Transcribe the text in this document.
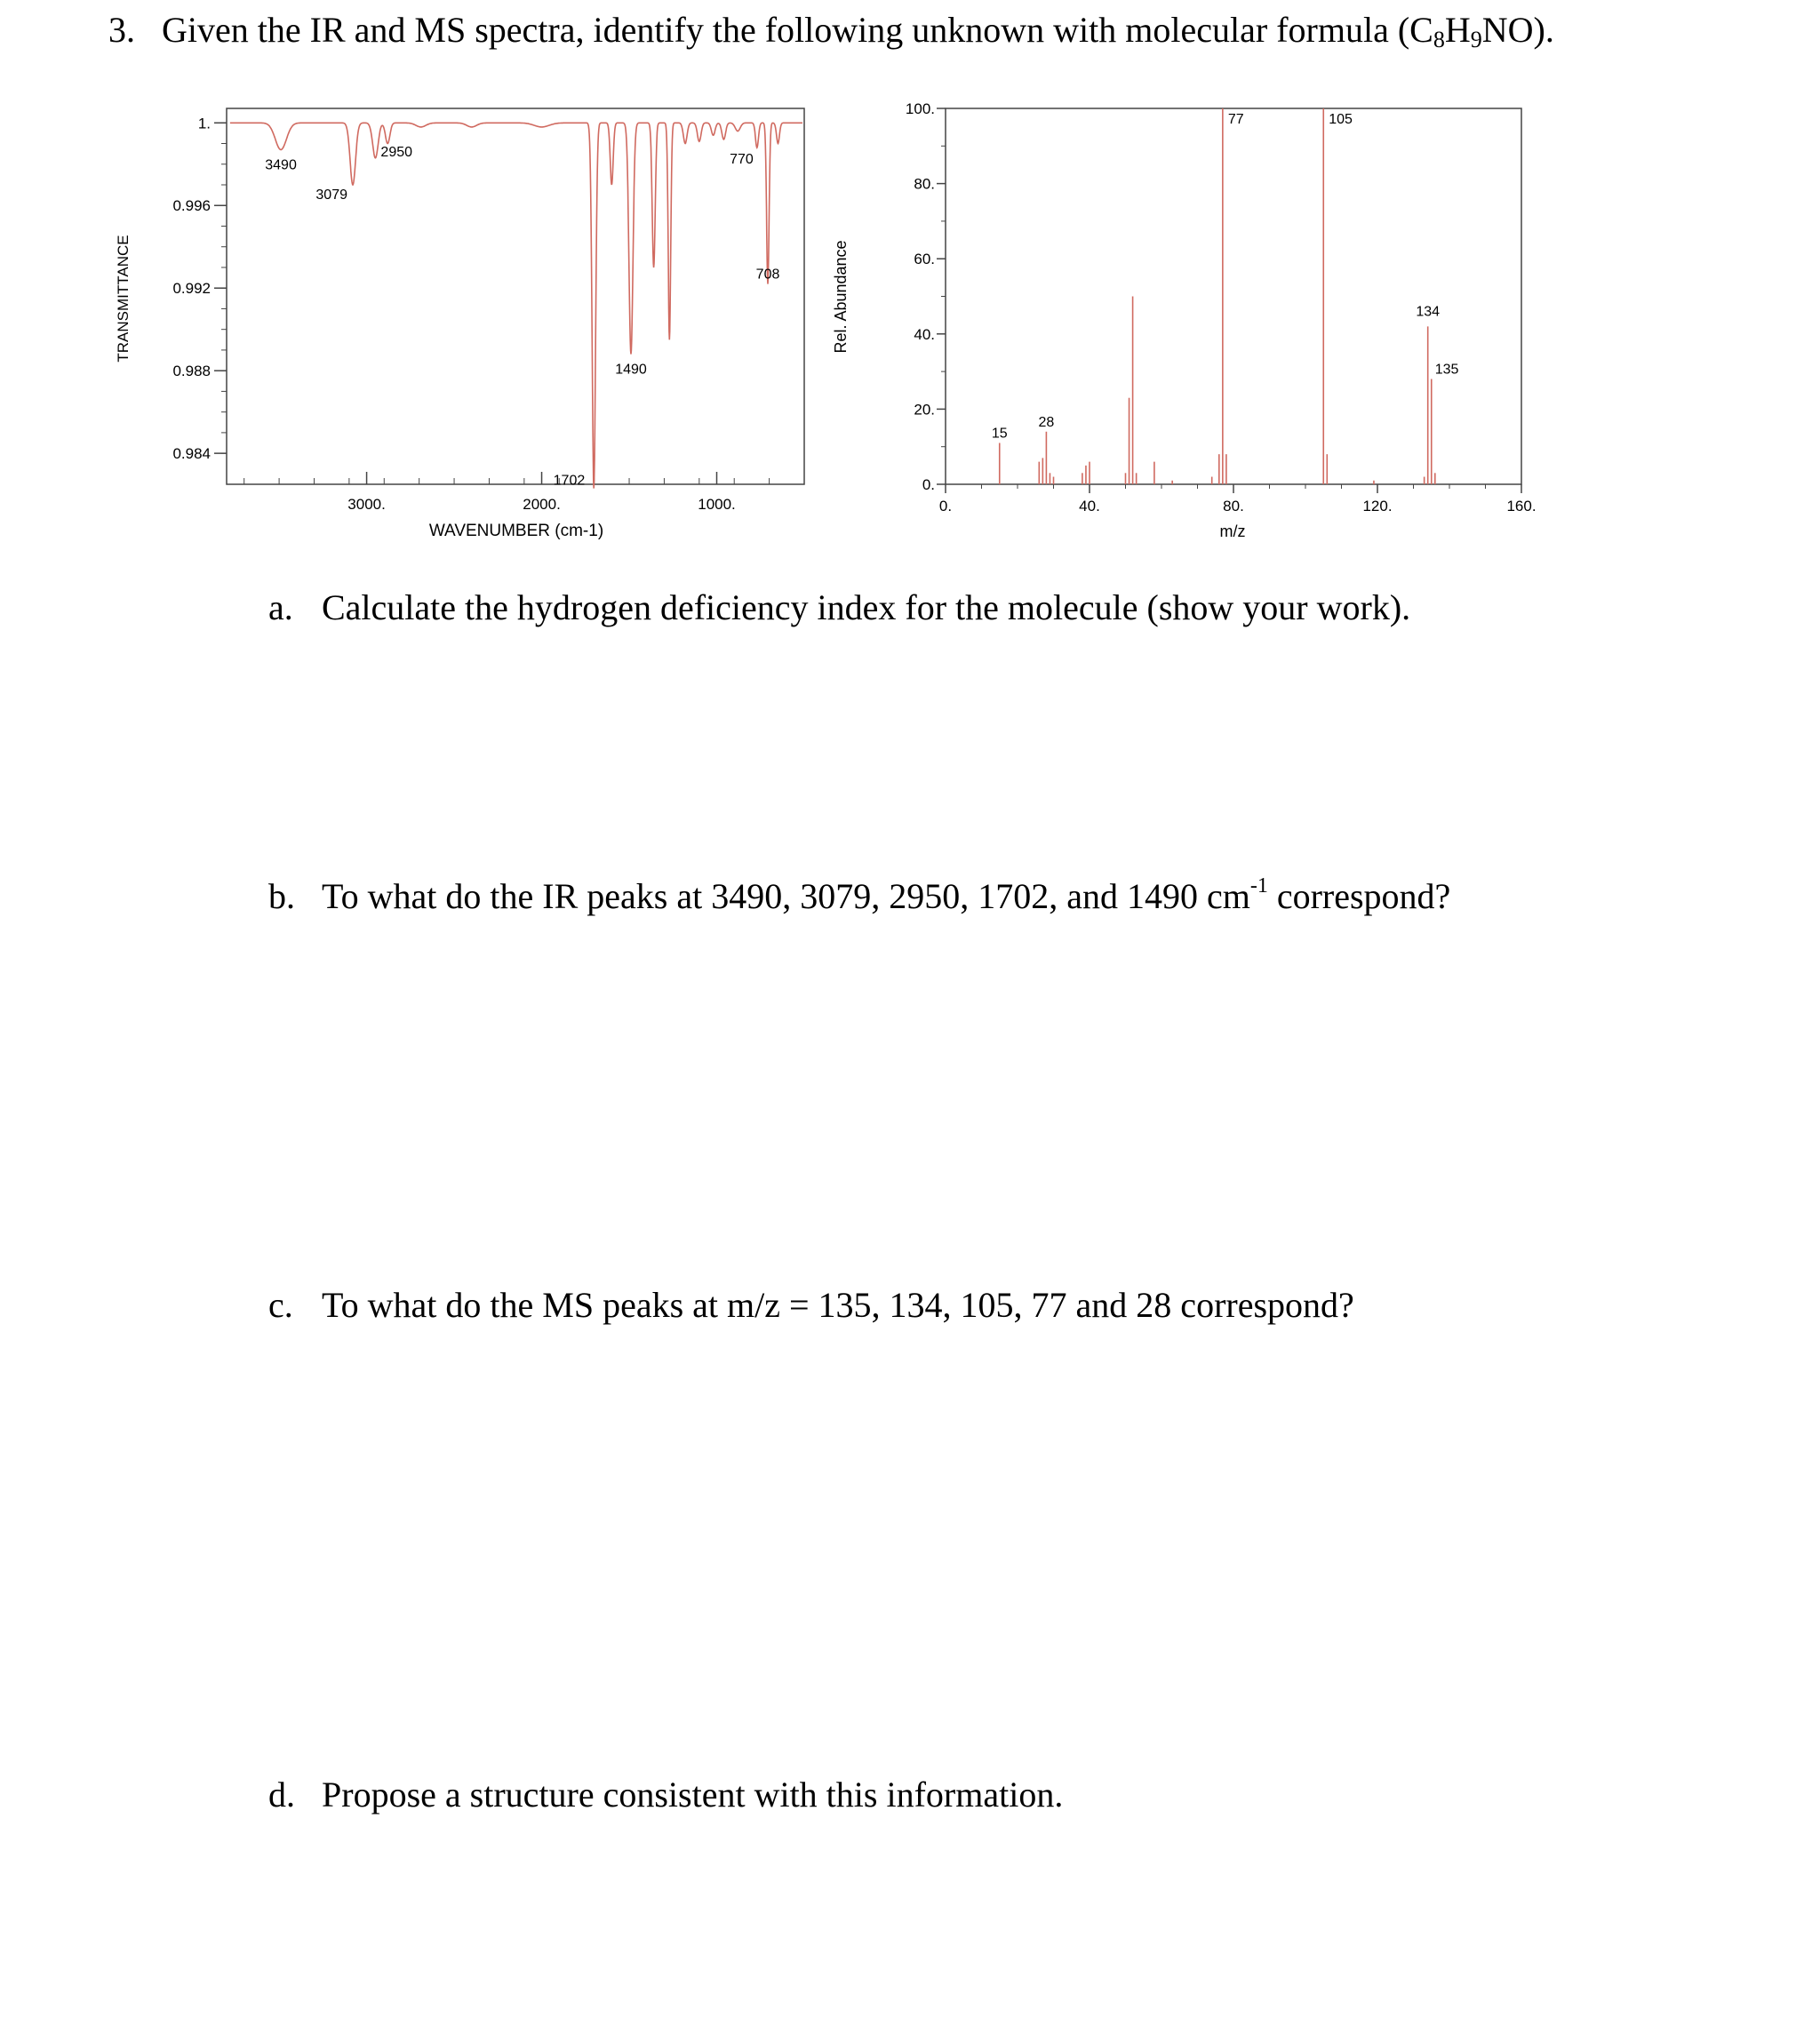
3. Given the IR and MS spectra, identify the following unknown with molecular formula $(C_8H_9NO)$.
1.
0.996
0.992
0.988
0.984
3000.	2000.	1000.
3490
3079
2950
1702
1490
770
708
TRANSMITTANCE
WAVENUMBER (cm-1)
0.
20.
40.
60.
80.
100.
0.	40.	80.	120.	160.
15
28
77	105
134
135
Rel. Abundance
m/z
a. Calculate the hydrogen deficiency index for the molecule (show your work).
b. To what do the IR peaks at 3490, 3079, 2950, 1702, and 1490 $cm^{-1}$ correspond?
c. To what do the MS peaks at m/z = 135, 134, 105, 77 and 28 correspond?
d. Propose a structure consistent with this information.
